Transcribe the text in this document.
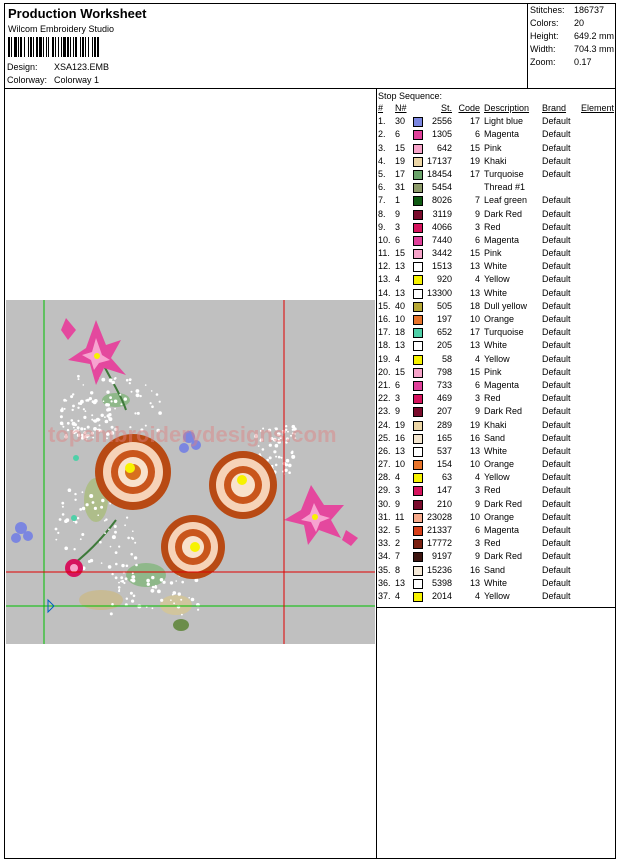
Production Worksheet
Wilcom Embroidery Studio
Design: XSA123.EMB
Colorway: Colorway 1
Stitches: 186737
Colors: 20
Height: 649.2 mm
Width: 704.3 mm
Zoom: 0.17
topembroiderydesigns.com
Stop Sequence:
#	N#	St. Code Description	Brand	Element
1.	30	2556	17 Light blue	Default
2.	6	1305	6 Magenta	Default
3.	15	642	15 Pink	Default
4.	19	17137	19 Khaki	Default
5.	17	18454	17 Turquoise	Default
6.	31	5454	Thread #1
7.	1	8026	7 Leaf green	Default
8.	9	3119	9 Dark Red	Default
9.	3	4066	3 Red	Default
10. 6	7440	6 Magenta	Default
11. 15	3442	15 Pink	Default
12. 13	1513	13 White	Default
13. 4	920	4 Yellow	Default
14. 13	13300	13 White	Default
15. 40	505	18 Dull yellow	Default
16. 10	197	10 Orange	Default
17. 18	652	17 Turquoise	Default
18. 13	205	13 White	Default
19. 4	58	4 Yellow	Default
20. 15	798	15 Pink	Default
21. 6	733	6 Magenta	Default
22. 3	469	3 Red	Default
23. 9	207	9 Dark Red	Default
24. 19	289	19 Khaki	Default
25. 16	165	16 Sand	Default
26. 13	537	13 White	Default
27. 10	154	10 Orange	Default
28. 4	63	4 Yellow	Default
29. 3	147	3 Red	Default
30. 9	210	9 Dark Red	Default
31. 11	23028	10 Orange	Default
32. 5	21337	6 Magenta	Default
33. 2	17772	3 Red	Default
34. 7	9197	9 Dark Red	Default
35. 8	15236	16 Sand	Default
36. 13	5398	13 White	Default
37. 4	2014	4 Yellow	Default
